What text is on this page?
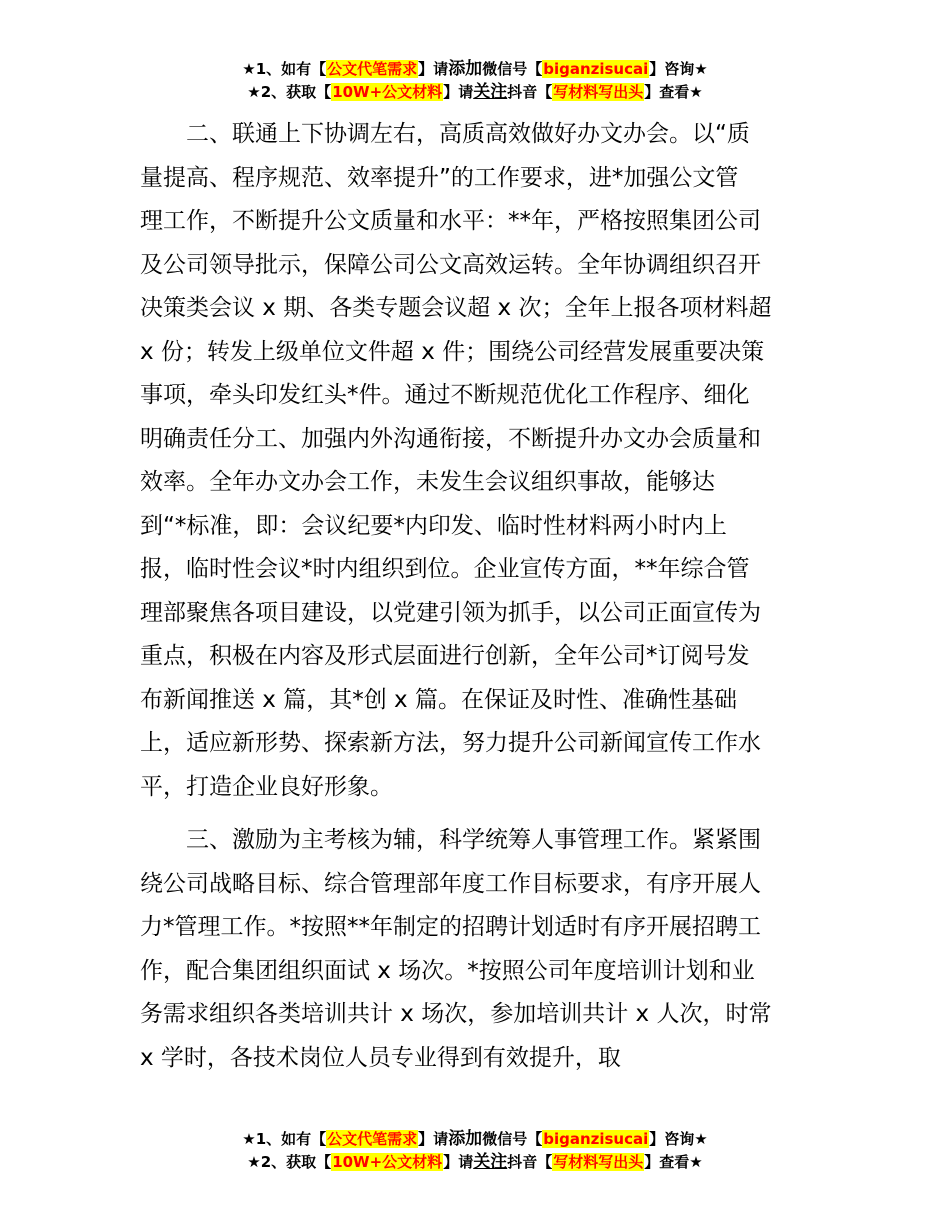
★1、如有【公文代笔需求】请添加微信号【biganzisucai】咨询★
★2、获取【10W+公文材料】请关注抖音【写材料写出头】查看★

二、联通上下协调左右，高质高效做好办文办会。以“质
量提高、程序规范、效率提升”的工作要求，进*加强公文管
理工作，不断提升公文质量和水平：**年，严格按照集团公司
及公司领导批示，保障公司公文高效运转。全年协调组织召开
决策类会议 x 期、各类专题会议超 x 次；全年上报各项材料超
x 份；转发上级单位文件超 x 件；围绕公司经营发展重要决策
事项，牵头印发红头*件。通过不断规范优化工作程序、细化
明确责任分工、加强内外沟通衔接，不断提升办文办会质量和
效率。全年办文办会工作，未发生会议组织事故，能够达
到“*标准，即：会议纪要*内印发、临时性材料两小时内上
报，临时性会议*时内组织到位。企业宣传方面，**年综合管
理部聚焦各项目建设，以党建引领为抓手，以公司正面宣传为
重点，积极在内容及形式层面进行创新，全年公司*订阅号发
布新闻推送 x 篇，其*创 x 篇。在保证及时性、准确性基础
上，适应新形势、探索新方法，努力提升公司新闻宣传工作水
平，打造企业良好形象。

三、激励为主考核为辅，科学统筹人事管理工作。紧紧围
绕公司战略目标、综合管理部年度工作目标要求，有序开展人
力*管理工作。*按照**年制定的招聘计划适时有序开展招聘工
作，配合集团组织面试 x 场次。*按照公司年度培训计划和业
务需求组织各类培训共计 x 场次，参加培训共计 x 人次，时常
x 学时，各技术岗位人员专业得到有效提升，取

★1、如有【公文代笔需求】请添加微信号【biganzisucai】咨询★
★2、获取【10W+公文材料】请关注抖音【写材料写出头】查看★
